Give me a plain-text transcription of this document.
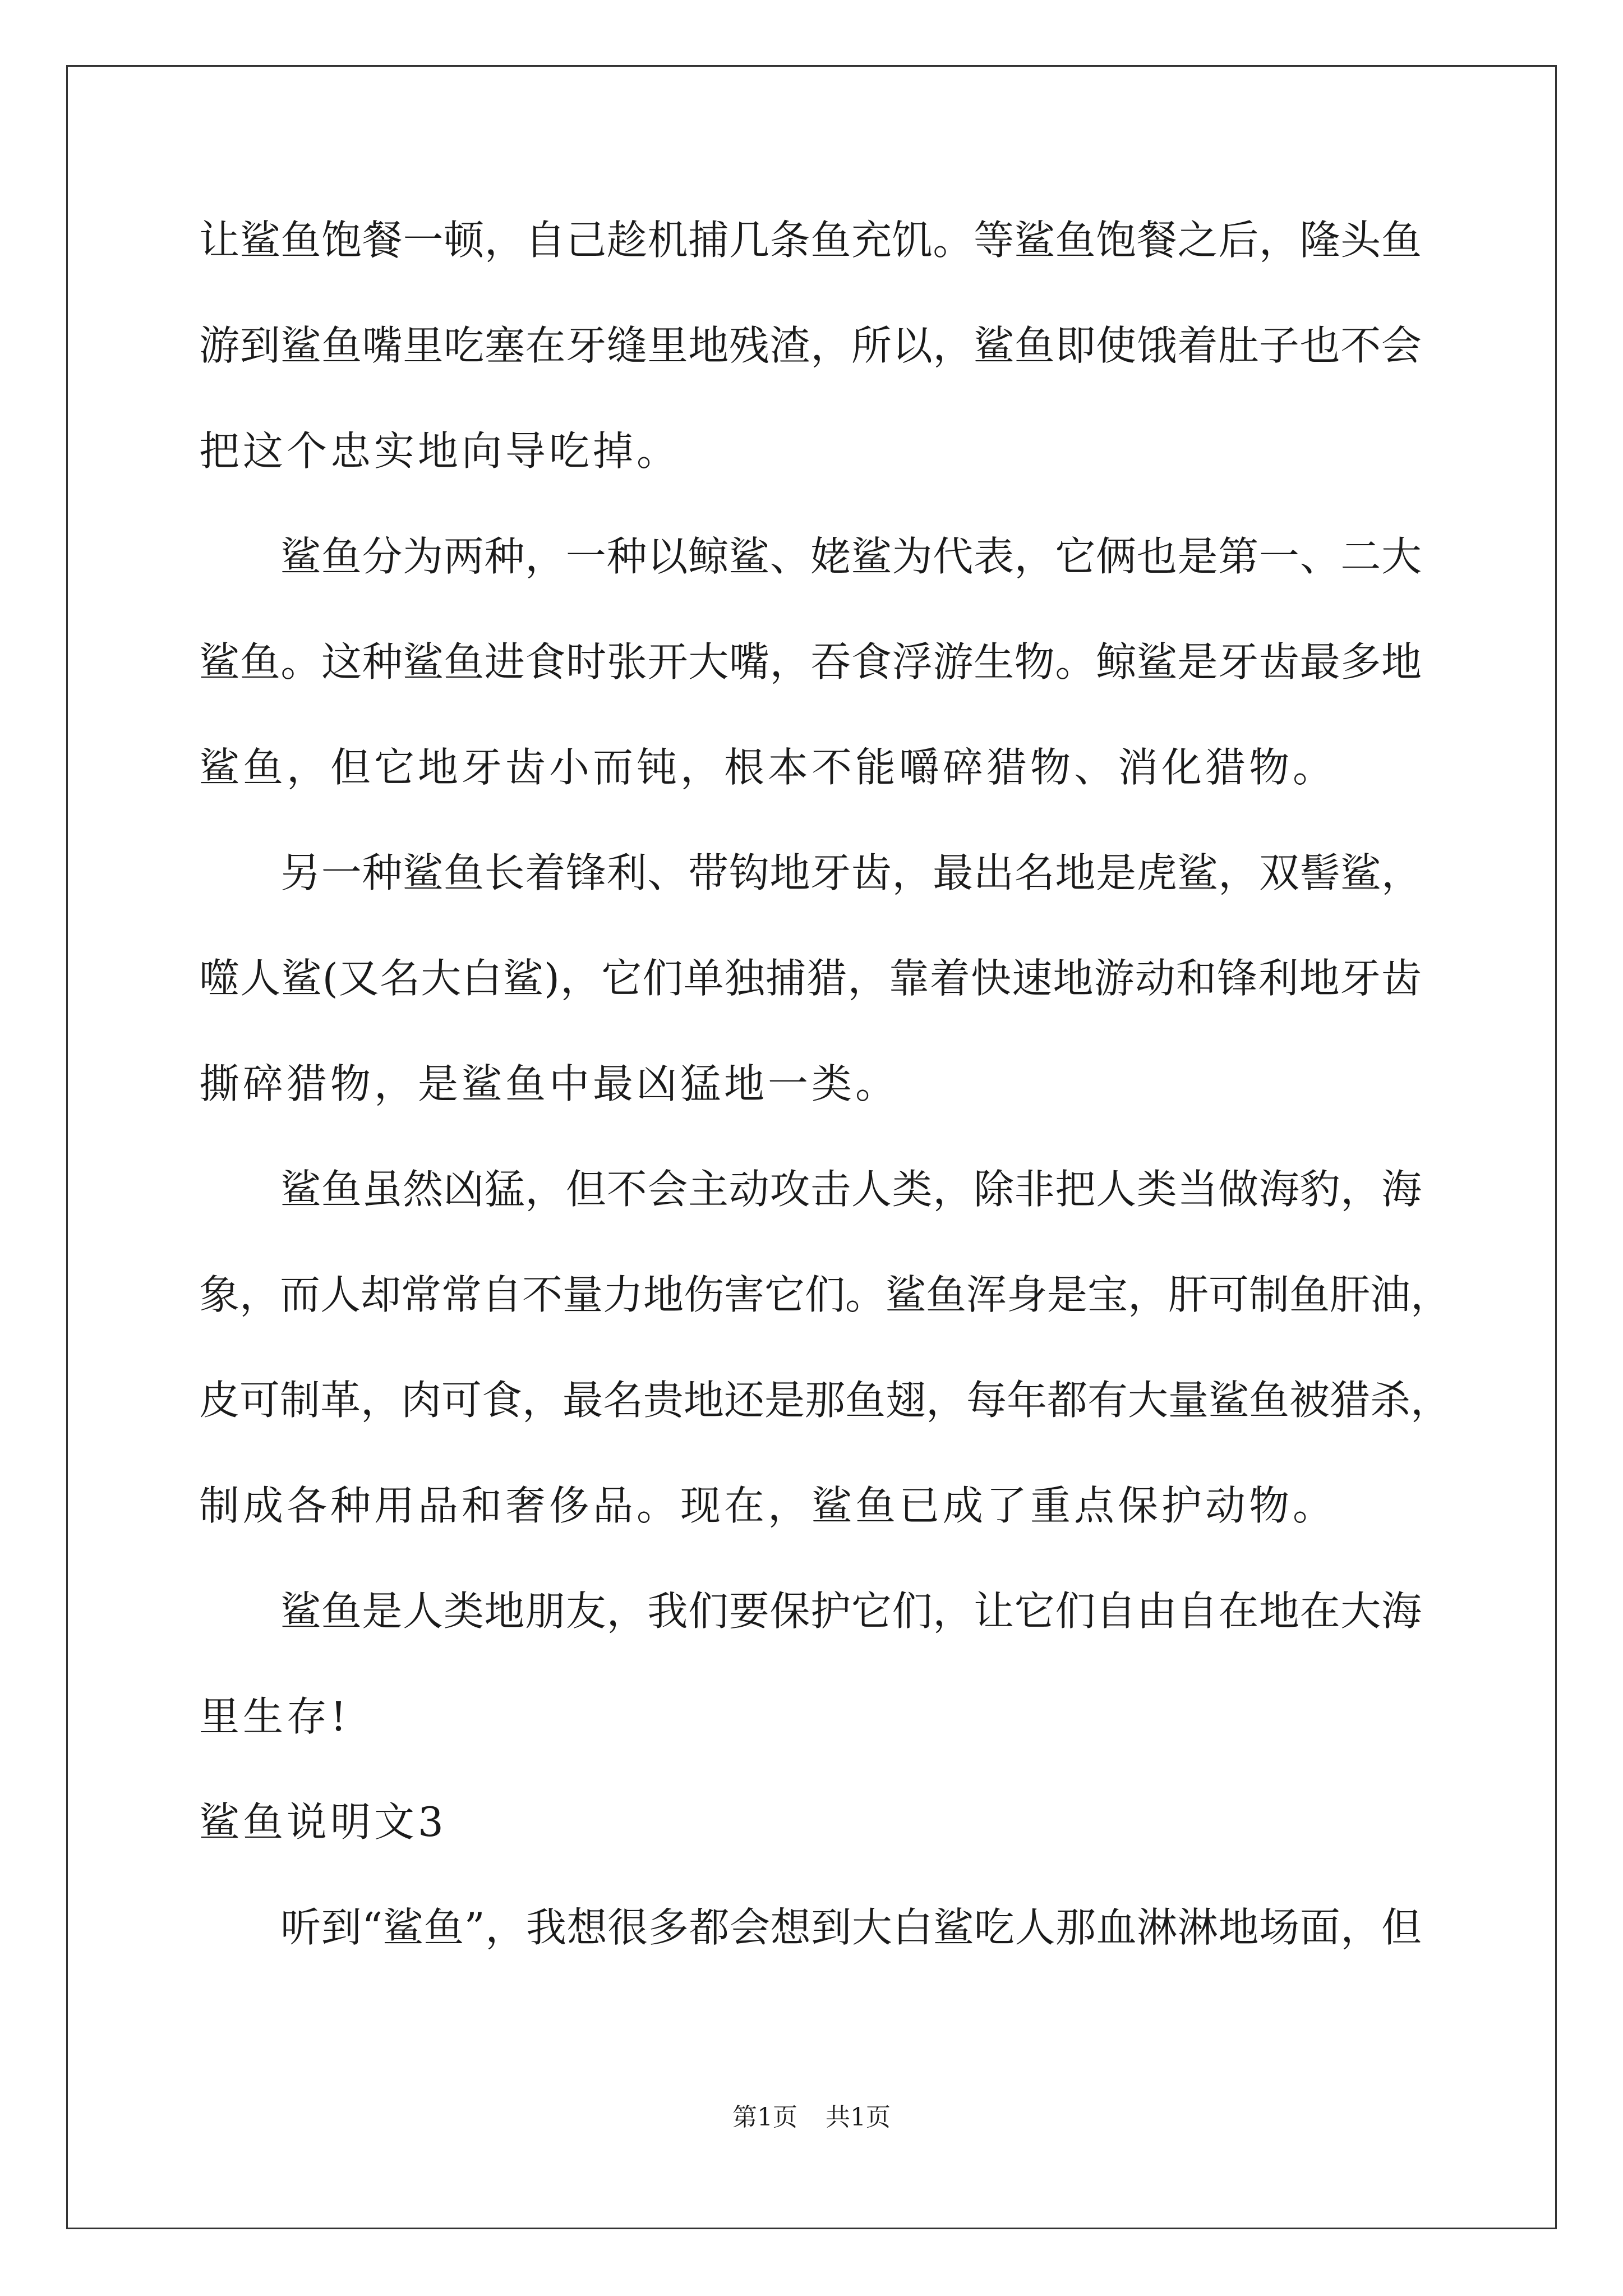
让鲨鱼饱餐一顿，自己趁机捕几条鱼充饥。等鲨鱼饱餐之后，隆头鱼
游到鲨鱼嘴里吃塞在牙缝里地残渣，所以，鲨鱼即使饿着肚子也不会
把这个忠实地向导吃掉。
鲨鱼分为两种，一种以鲸鲨、姥鲨为代表，它俩也是第一、二大
鲨鱼。这种鲨鱼进食时张开大嘴，吞食浮游生物。鲸鲨是牙齿最多地
鲨鱼，但它地牙齿小而钝，根本不能嚼碎猎物、消化猎物。
另一种鲨鱼长着锋利、带钩地牙齿，最出名地是虎鲨，双髻鲨，
噬人鲨(又名大白鲨)，它们单独捕猎，靠着快速地游动和锋利地牙齿
撕碎猎物，是鲨鱼中最凶猛地一类。
鲨鱼虽然凶猛，但不会主动攻击人类，除非把人类当做海豹，海
象，而人却常常自不量力地伤害它们。鲨鱼浑身是宝，肝可制鱼肝油，
皮可制革，肉可食，最名贵地还是那鱼翅，每年都有大量鲨鱼被猎杀，
制成各种用品和奢侈品。现在，鲨鱼已成了重点保护动物。
鲨鱼是人类地朋友，我们要保护它们，让它们自由自在地在大海
里生存!
鲨鱼说明文3
听到“鲨鱼”，我想很多都会想到大白鲨吃人那血淋淋地场面，但
第1页 共1页
